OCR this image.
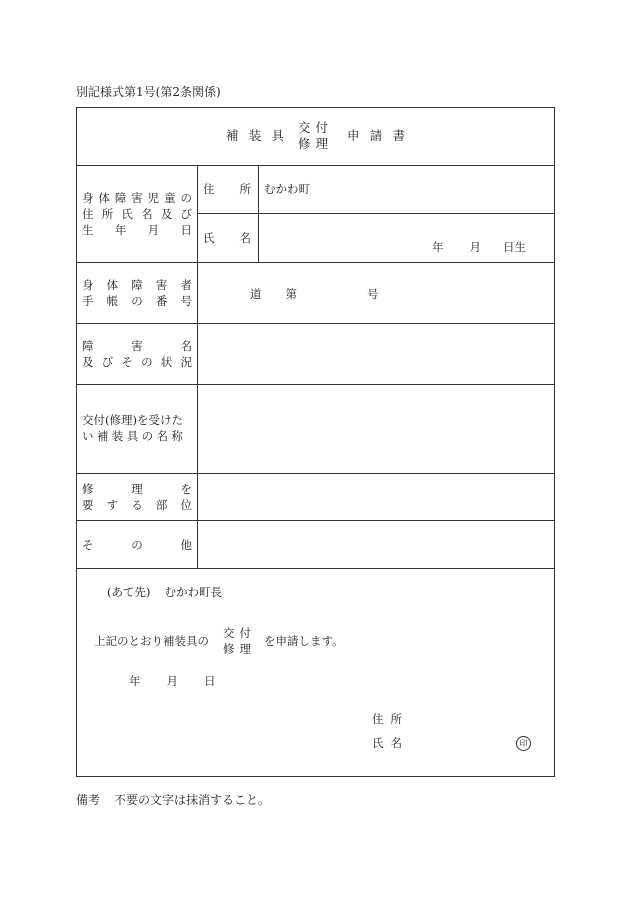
別記様式第1号(第2条関係)
補 装 具
交付
修理
申 請 書
身 体 障 害 児 童 の
住 所 氏 名 及 び
生 年 月 日
住 所 むかわ町
氏 名
年 月 日生
身 体 障 害 者
手 帳 の 番 号	道 第	号
障	害	名
及 び そ の 状 況
交付(修理)を受けた
い補装具の名称
修	理	を
要 す る 部 位
そ	の	他
(あて先) むかわ町長
上記のとおり補装具の
交付
修理
を申請します。
年 月 日
住所
氏名	印
備考 不要の文字は抹消すること。
